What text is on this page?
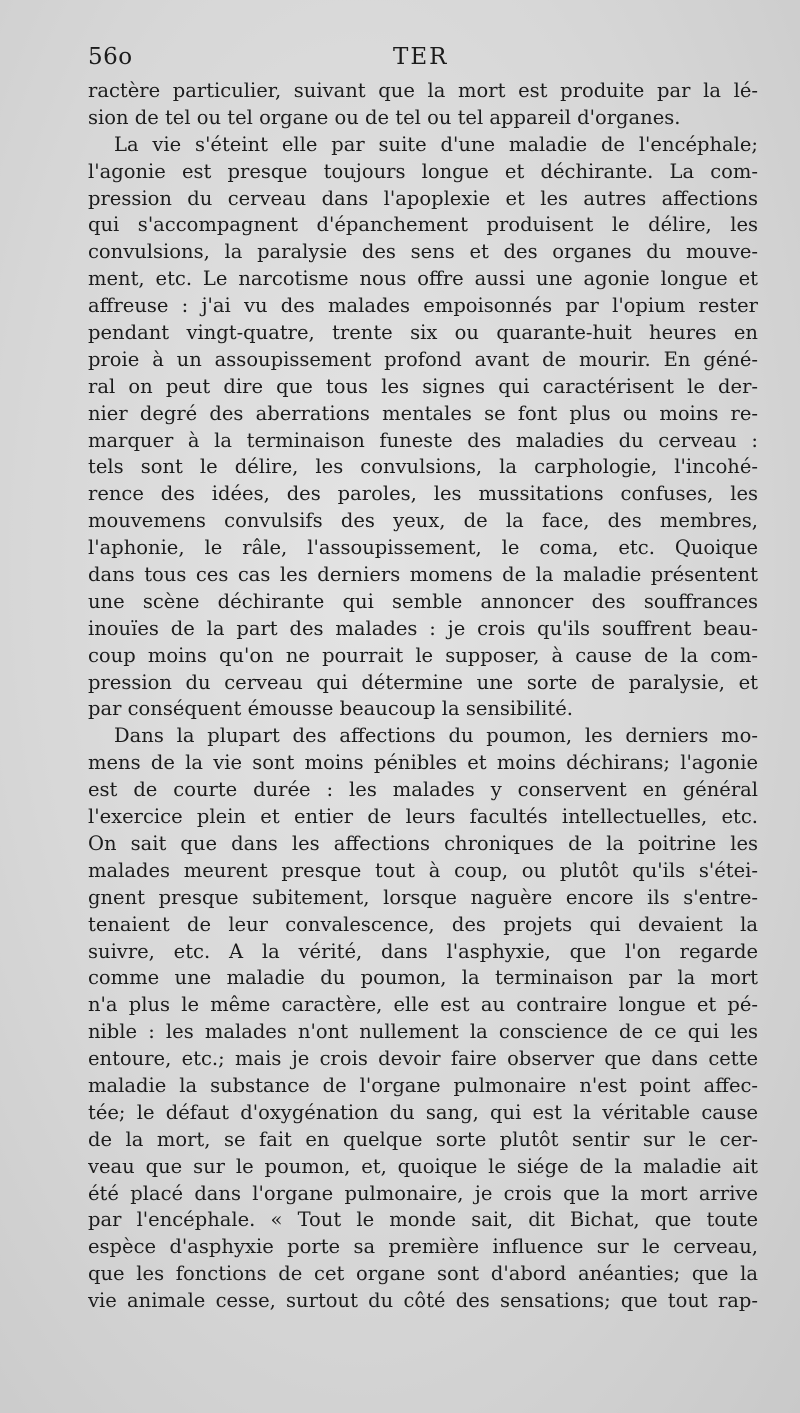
56o	TER
ractère particulier, suivant que la mort est produite par la lé-
sion de tel ou tel organe ou de tel ou tel appareil d'organes.
La vie s'éteint elle par suite d'une maladie de l'encéphale;
l'agonie est presque toujours longue et déchirante. La com-
pression du cerveau dans l'apoplexie et les autres affections
qui s'accompagnent d'épanchement produisent le délire, les
convulsions, la paralysie des sens et des organes du mouve-
ment, etc. Le narcotisme nous offre aussi une agonie longue et
affreuse : j'ai vu des malades empoisonnés par l'opium rester
pendant vingt-quatre, trente six ou quarante-huit heures en
proie à un assoupissement profond avant de mourir. En géné-
ral on peut dire que tous les signes qui caractérisent le der-
nier degré des aberrations mentales se font plus ou moins re-
marquer à la terminaison funeste des maladies du cerveau :
tels sont le délire, les convulsions, la carphologie, l'incohé-
rence des idées, des paroles, les mussitations confuses, les
mouvemens convulsifs des yeux, de la face, des membres,
l'aphonie, le râle, l'assoupissement, le coma, etc. Quoique
dans tous ces cas les derniers momens de la maladie présentent
une scène déchirante qui semble annoncer des souffrances
inouïes de la part des malades : je crois qu'ils souffrent beau-
coup moins qu'on ne pourrait le supposer, à cause de la com-
pression du cerveau qui détermine une sorte de paralysie, et
par conséquent émousse beaucoup la sensibilité.
Dans la plupart des affections du poumon, les derniers mo-
mens de la vie sont moins pénibles et moins déchirans; l'agonie
est de courte durée : les malades y conservent en général
l'exercice plein et entier de leurs facultés intellectuelles, etc.
On sait que dans les affections chroniques de la poitrine les
malades meurent presque tout à coup, ou plutôt qu'ils s'étei-
gnent presque subitement, lorsque naguère encore ils s'entre-
tenaient de leur convalescence, des projets qui devaient la
suivre, etc. A la vérité, dans l'asphyxie, que l'on regarde
comme une maladie du poumon, la terminaison par la mort
n'a plus le même caractère, elle est au contraire longue et pé-
nible : les malades n'ont nullement la conscience de ce qui les
entoure, etc.; mais je crois devoir faire observer que dans cette
maladie la substance de l'organe pulmonaire n'est point affec-
tée; le défaut d'oxygénation du sang, qui est la véritable cause
de la mort, se fait en quelque sorte plutôt sentir sur le cer-
veau que sur le poumon, et, quoique le siége de la maladie ait
été placé dans l'organe pulmonaire, je crois que la mort arrive
par l'encéphale. « Tout le monde sait, dit Bichat, que toute
espèce d'asphyxie porte sa première influence sur le cerveau,
que les fonctions de cet organe sont d'abord anéanties; que la
vie animale cesse, surtout du côté des sensations; que tout rap-
